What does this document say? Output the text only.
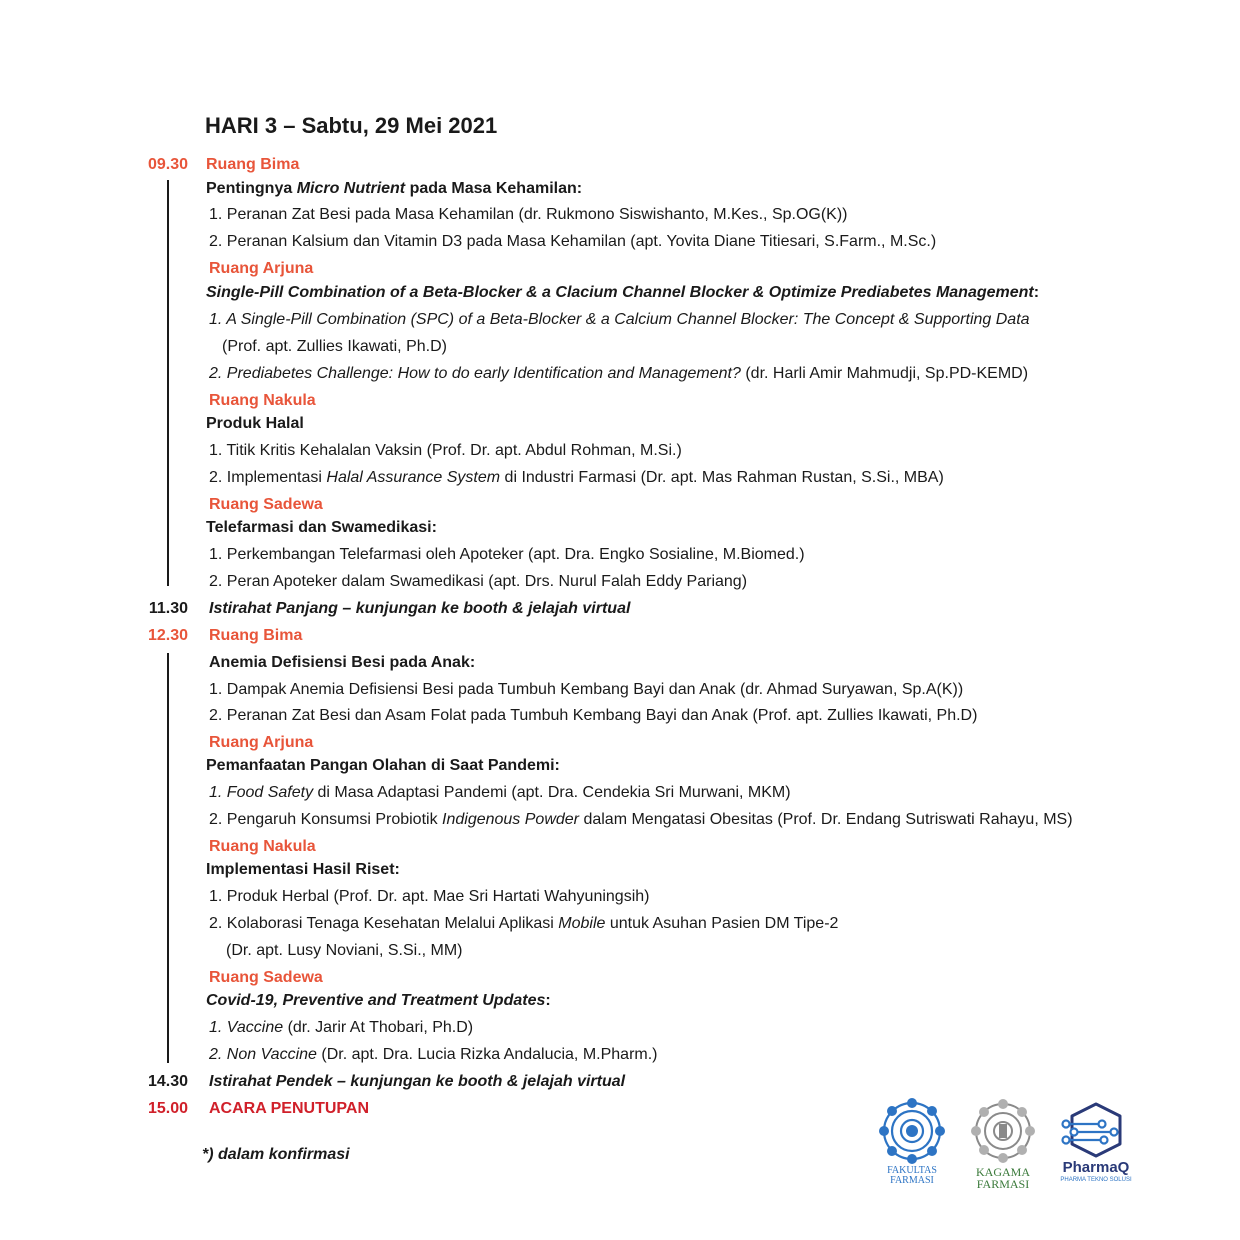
HARI 3 – Sabtu, 29 Mei 2021
09.30 Ruang Bima
Pentingnya Micro Nutrient pada Masa Kehamilan:
1. Peranan Zat Besi pada Masa Kehamilan (dr. Rukmono Siswishanto, M.Kes., Sp.OG(K))
2. Peranan Kalsium dan Vitamin D3 pada Masa Kehamilan (apt. Yovita Diane Titiesari, S.Farm., M.Sc.)
Ruang Arjuna
Single-Pill Combination of a Beta-Blocker & a Clacium Channel Blocker & Optimize Prediabetes Management:
1. A Single-Pill Combination (SPC) of a Beta-Blocker & a Calcium Channel Blocker: The Concept & Supporting Data
(Prof. apt. Zullies Ikawati, Ph.D)
2. Prediabetes Challenge: How to do early Identification and Management? (dr. Harli Amir Mahmudji, Sp.PD-KEMD)
Ruang Nakula
Produk Halal
1. Titik Kritis Kehalalan Vaksin (Prof. Dr. apt. Abdul Rohman, M.Si.)
2. Implementasi Halal Assurance System di Industri Farmasi (Dr. apt. Mas Rahman Rustan, S.Si., MBA)
Ruang Sadewa
Telefarmasi dan Swamedikasi:
1. Perkembangan Telefarmasi oleh Apoteker (apt. Dra. Engko Sosialine, M.Biomed.)
2. Peran Apoteker dalam Swamedikasi (apt. Drs. Nurul Falah Eddy Pariang)
11.30 Istirahat Panjang – kunjungan ke booth & jelajah virtual
12.30 Ruang Bima
Anemia Defisiensi Besi pada Anak:
1. Dampak Anemia Defisiensi Besi pada Tumbuh Kembang Bayi dan Anak (dr. Ahmad Suryawan, Sp.A(K))
2. Peranan Zat Besi dan Asam Folat pada Tumbuh Kembang Bayi dan Anak (Prof. apt. Zullies Ikawati, Ph.D)
Ruang Arjuna
Pemanfaatan Pangan Olahan di Saat Pandemi:
1. Food Safety di Masa Adaptasi Pandemi (apt. Dra. Cendekia Sri Murwani, MKM)
2. Pengaruh Konsumsi Probiotik Indigenous Powder dalam Mengatasi Obesitas (Prof. Dr. Endang Sutriswati Rahayu, MS)
Ruang Nakula
Implementasi Hasil Riset:
1. Produk Herbal (Prof. Dr. apt. Mae Sri Hartati Wahyuningsih)
2. Kolaborasi Tenaga Kesehatan Melalui Aplikasi Mobile untuk Asuhan Pasien DM Tipe-2
(Dr. apt. Lusy Noviani, S.Si., MM)
Ruang Sadewa
Covid-19, Preventive and Treatment Updates:
1. Vaccine (dr. Jarir At Thobari, Ph.D)
2. Non Vaccine (Dr. apt. Dra. Lucia Rizka Andalucia, M.Pharm.)
14.30 Istirahat Pendek – kunjungan ke booth & jelajah virtual
15.00 ACARA PENUTUPAN
*) dalam konfirmasi
FAKULTAS
FARMASI
KAGAMA
FARMASI
PharmaQ
PHARMA TEKNO SOLUSI
